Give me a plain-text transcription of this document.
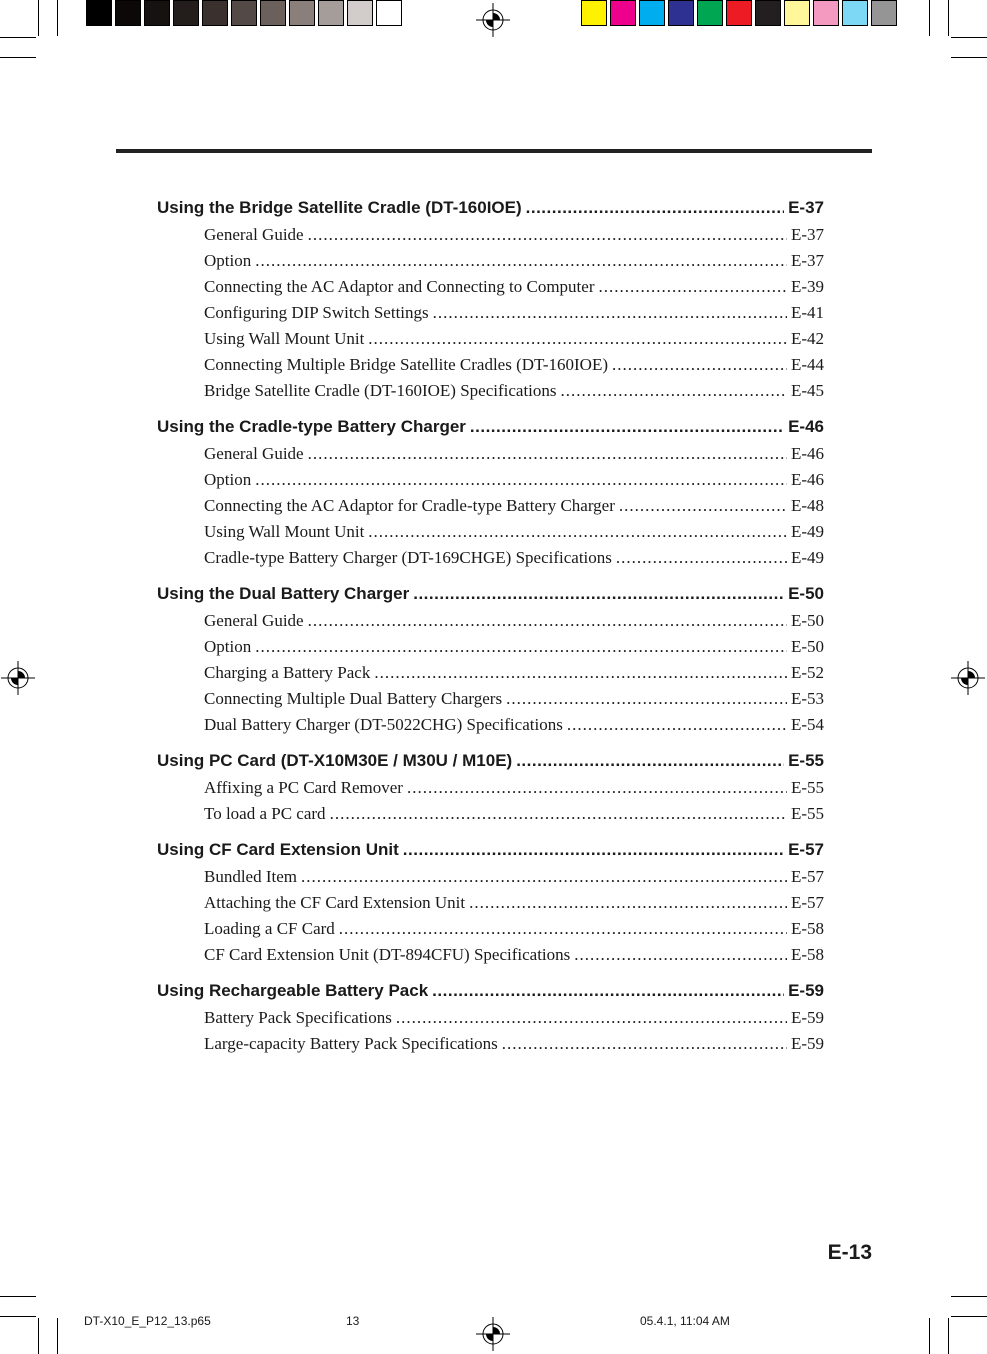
Using the Bridge Satellite Cradle (DT-160IOE) .....	E-37
General Guide .....	E-37
Option .....	E-37
Connecting the AC Adaptor and Connecting to Computer .....	E-39
Configuring DIP Switch Settings .....	E-41
Using Wall Mount Unit .....	E-42
Connecting Multiple Bridge Satellite Cradles (DT-160IOE) .....	E-44
Bridge Satellite Cradle (DT-160IOE) Specifications .....	E-45
Using the Cradle-type Battery Charger .....	E-46
General Guide .....	E-46
Option .....	E-46
Connecting the AC Adaptor for Cradle-type Battery Charger .....	E-48
Using Wall Mount Unit .....	E-49
Cradle-type Battery Charger (DT-169CHGE) Specifications .....	E-49
Using the Dual Battery Charger .....	E-50
General Guide .....	E-50
Option .....	E-50
Charging a Battery Pack .....	E-52
Connecting Multiple Dual Battery Chargers .....	E-53
Dual Battery Charger (DT-5022CHG) Specifications .....	E-54
Using PC Card (DT-X10M30E / M30U / M10E) .....	E-55
Affixing a PC Card Remover .....	E-55
To load a PC card .....	E-55
Using CF Card Extension Unit .....	E-57
Bundled Item .....	E-57
Attaching the CF Card Extension Unit .....	E-57
Loading a CF Card .....	E-58
CF Card Extension Unit (DT-894CFU) Specifications .....	E-58
Using Rechargeable Battery Pack .....	E-59
Battery Pack Specifications .....	E-59
Large-capacity Battery Pack Specifications .....	E-59
E-13
DT-X10_E_P12_13.p65	13	05.4.1, 11:04 AM
